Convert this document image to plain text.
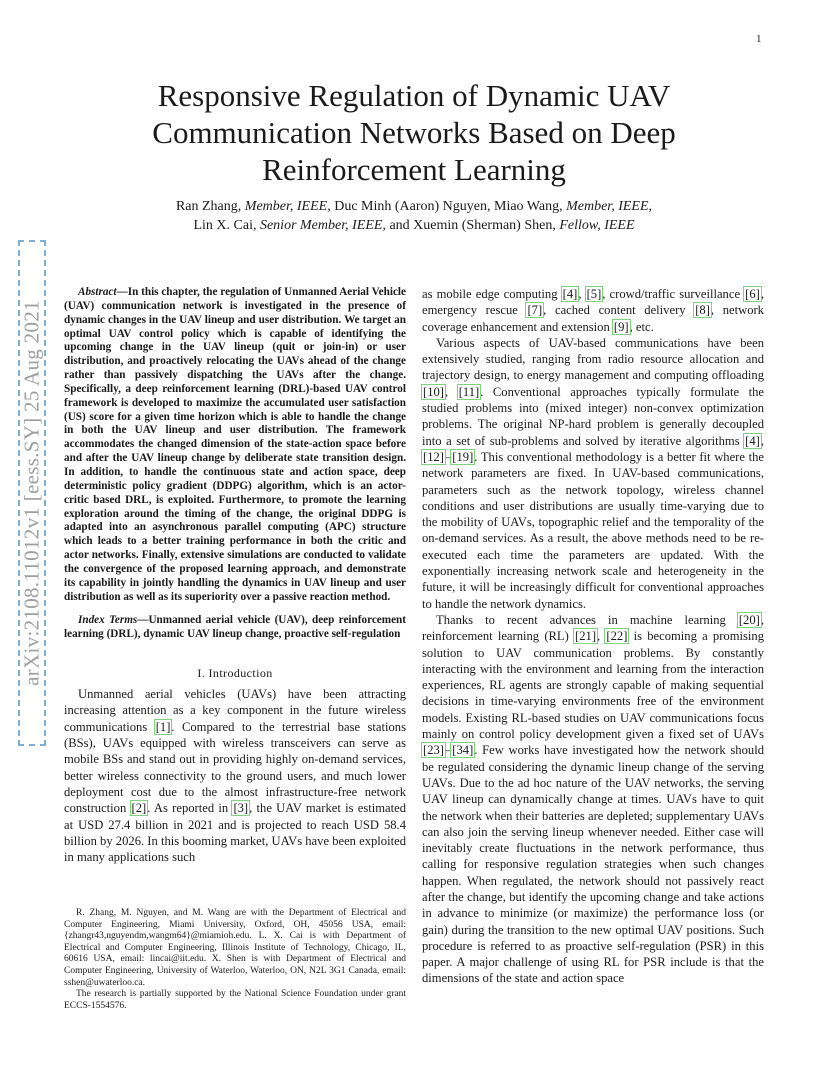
1
arXiv:2108.11012v1 [eess.SY] 25 Aug 2021
Responsive Regulation of Dynamic UAV Communication Networks Based on Deep Reinforcement Learning
Ran Zhang, Member, IEEE, Duc Minh (Aaron) Nguyen, Miao Wang, Member, IEEE,
Lin X. Cai, Senior Member, IEEE, and Xuemin (Sherman) Shen, Fellow, IEEE

Abstract—In this chapter, the regulation of Unmanned Aerial Vehicle (UAV) communication network is investigated in the presence of dynamic changes in the UAV lineup and user distribution. We target an optimal UAV control policy which is capable of identifying the upcoming change in the UAV lineup (quit or join-in) or user distribution, and proactively relocating the UAVs ahead of the change rather than passively dispatching the UAVs after the change. Specifically, a deep reinforcement learning (DRL)-based UAV control framework is developed to maximize the accumulated user satisfaction (US) score for a given time horizon which is able to handle the change in both the UAV lineup and user distribution. The framework accommodates the changed dimension of the state-action space before and after the UAV lineup change by deliberate state transition design. In addition, to handle the continuous state and action space, deep deterministic policy gradient (DDPG) algorithm, which is an actor-critic based DRL, is exploited. Furthermore, to promote the learning exploration around the timing of the change, the original DDPG is adapted into an asynchronous parallel computing (APC) structure which leads to a better training performance in both the critic and actor networks. Finally, extensive simulations are conducted to validate the convergence of the proposed learning approach, and demonstrate its capability in jointly handling the dynamics in UAV lineup and user distribution as well as its superiority over a passive reaction method.

Index Terms—Unmanned aerial vehicle (UAV), deep reinforcement learning (DRL), dynamic UAV lineup change, proactive self-regulation

I. Introduction

Unmanned aerial vehicles (UAVs) have been attracting increasing attention as a key component in the future wireless communications [1]. Compared to the terrestrial base stations (BSs), UAVs equipped with wireless transceivers can serve as mobile BSs and stand out in providing highly on-demand services, better wireless connectivity to the ground users, and much lower deployment cost due to the almost infrastructure-free network construction [2]. As reported in [3], the UAV market is estimated at USD 27.4 billion in 2021 and is projected to reach USD 58.4 billion by 2026. In this booming market, UAVs have been exploited in many applications such

as mobile edge computing [4], [5], crowd/traffic surveillance [6], emergency rescue [7], cached content delivery [8], network coverage enhancement and extension [9], etc.

Various aspects of UAV-based communications have been extensively studied, ranging from radio resource allocation and trajectory design, to energy management and computing offloading [10], [11]. Conventional approaches typically formulate the studied problems into (mixed integer) non-convex optimization problems. The original NP-hard problem is generally decoupled into a set of sub-problems and solved by iterative algorithms [4], [12]–[19]. This conventional methodology is a better fit where the network parameters are fixed. In UAV-based communications, parameters such as the network topology, wireless channel conditions and user distributions are usually time-varying due to the mobility of UAVs, topographic relief and the temporality of the on-demand services. As a result, the above methods need to be re-executed each time the parameters are updated. With the exponentially increasing network scale and heterogeneity in the future, it will be increasingly difficult for conventional approaches to handle the network dynamics.

Thanks to recent advances in machine learning [20], reinforcement learning (RL) [21], [22] is becoming a promising solution to UAV communication problems. By constantly interacting with the environment and learning from the interaction experiences, RL agents are strongly capable of making sequential decisions in time-varying environments free of the environment models. Existing RL-based studies on UAV communications focus mainly on control policy development given a fixed set of UAVs [23]–[34]. Few works have investigated how the network should be regulated considering the dynamic lineup change of the serving UAVs. Due to the ad hoc nature of the UAV networks, the serving UAV lineup can dynamically change at times. UAVs have to quit the network when their batteries are depleted; supplementary UAVs can also join the serving lineup whenever needed. Either case will inevitably create fluctuations in the network performance, thus calling for responsive regulation strategies when such changes happen. When regulated, the network should not passively react after the change, but identify the upcoming change and take actions in advance to minimize (or maximize) the performance loss (or gain) during the transition to the new optimal UAV positions. Such procedure is referred to as proactive self-regulation (PSR) in this paper. A major challenge of using RL for PSR include is that the dimensions of the state and action space

R. Zhang, M. Nguyen, and M. Wang are with the Department of Electrical and Computer Engineering, Miami University, Oxford, OH, 45056 USA, email: {zhangr43,nguyendm,wangm64}@miamioh.edu. L. X. Cai is with Department of Electrical and Computer Engineering, Illinois Institute of Technology, Chicago, IL, 60616 USA, email: lincai@iit.edu. X. Shen is with Department of Electrical and Computer Engineering, University of Waterloo, Waterloo, ON, N2L 3G1 Canada, email: sshen@uwaterloo.ca.

The research is partially supported by the National Science Foundation under grant ECCS-1554576.
